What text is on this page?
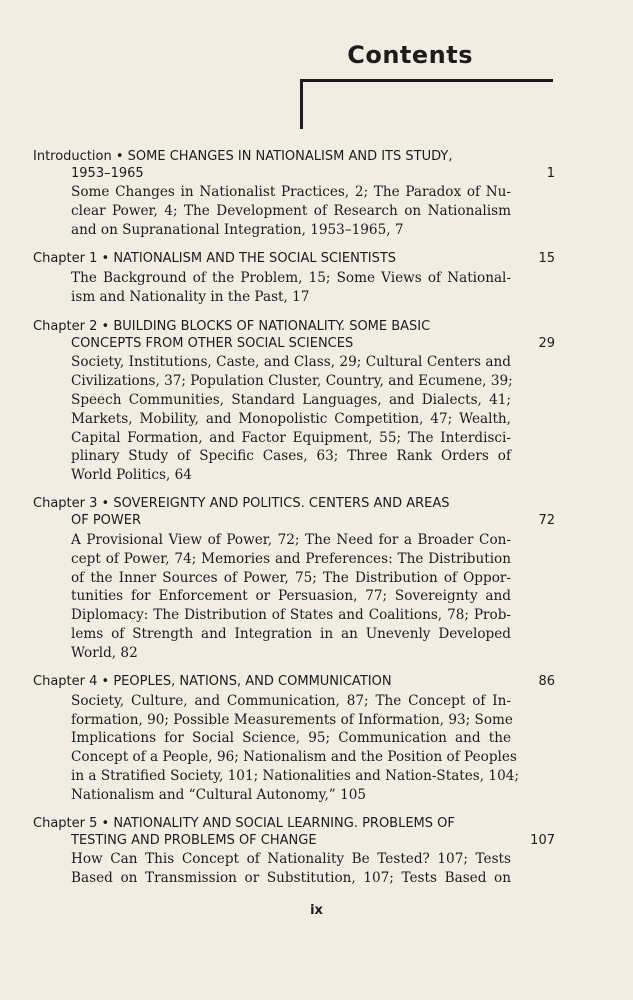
Contents
Introduction • SOME CHANGES IN NATIONALISM AND ITS STUDY,
1953–1965	1
Some Changes in Nationalist Practices, 2; The Paradox of Nu-
clear Power, 4; The Development of Research on Nationalism
and on Supranational Integration, 1953–1965, 7
Chapter 1 • NATIONALISM AND THE SOCIAL SCIENTISTS	15
The Background of the Problem, 15; Some Views of National-
ism and Nationality in the Past, 17
Chapter 2 • BUILDING BLOCKS OF NATIONALITY. SOME BASIC
CONCEPTS FROM OTHER SOCIAL SCIENCES	29
Society, Institutions, Caste, and Class, 29; Cultural Centers and
Civilizations, 37; Population Cluster, Country, and Ecumene, 39;
Speech Communities, Standard Languages, and Dialects, 41;
Markets, Mobility, and Monopolistic Competition, 47; Wealth,
Capital Formation, and Factor Equipment, 55; The Interdisci-
plinary Study of Specific Cases, 63; Three Rank Orders of
World Politics, 64
Chapter 3 • SOVEREIGNTY AND POLITICS. CENTERS AND AREAS
OF POWER	72
A Provisional View of Power, 72; The Need for a Broader Con-
cept of Power, 74; Memories and Preferences: The Distribution
of the Inner Sources of Power, 75; The Distribution of Oppor-
tunities for Enforcement or Persuasion, 77; Sovereignty and
Diplomacy: The Distribution of States and Coalitions, 78; Prob-
lems of Strength and Integration in an Unevenly Developed
World, 82
Chapter 4 • PEOPLES, NATIONS, AND COMMUNICATION	86
Society, Culture, and Communication, 87; The Concept of In-
formation, 90; Possible Measurements of Information, 93; Some
Implications for Social Science, 95; Communication and the
Concept of a People, 96; Nationalism and the Position of Peoples
in a Stratified Society, 101; Nationalities and Nation-States, 104;
Nationalism and “Cultural Autonomy,” 105
Chapter 5 • NATIONALITY AND SOCIAL LEARNING. PROBLEMS OF
TESTING AND PROBLEMS OF CHANGE	107
How Can This Concept of Nationality Be Tested? 107; Tests
Based on Transmission or Substitution, 107; Tests Based on
ix
